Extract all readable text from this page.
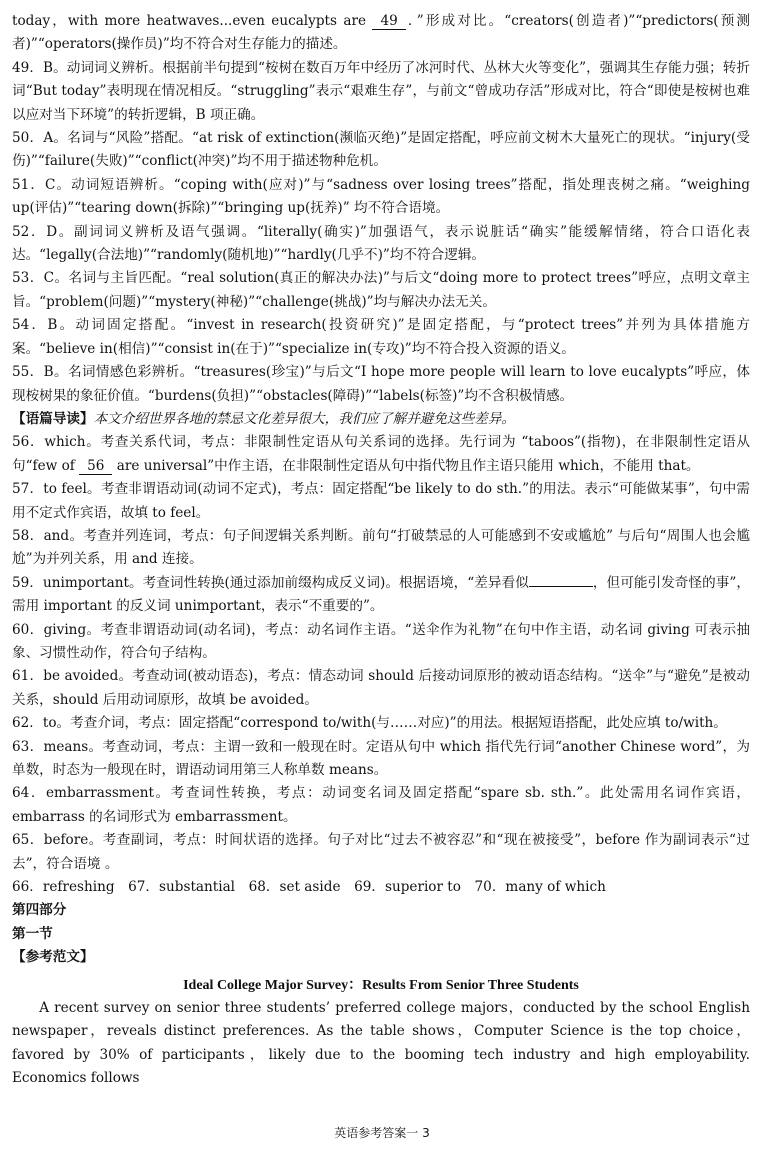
today，with more heatwaves...even eucalypts are 49 ．”形成对比。“creators(创造者)”“predictors(预测者)”“operators(操作员)”均不符合对生存能力的描述。

49．B。动词词义辨析。根据前半句提到“桉树在数百万年中经历了冰河时代、丛林大火等变化”，强调其生存能力强；转折词“But today”表明现在情况相反。“struggling”表示“艰难生存”，与前文“曾成功存活”形成对比，符合“即使是桉树也难以应对当下环境”的转折逻辑，B 项正确。

50．A。名词与“风险”搭配。“at risk of extinction(濒临灭绝)”是固定搭配，呼应前文树木大量死亡的现状。“injury(受伤)”“failure(失败)”“conflict(冲突)”均不用于描述物种危机。

51．C。动词短语辨析。“coping with(应对)”与“sadness over losing trees”搭配，指处理丧树之痛。“weighing up(评估)”“tearing down(拆除)”“bringing up(抚养)” 均不符合语境。

52．D。副词词义辨析及语气强调。“literally(确实)”加强语气，表示说脏话“确实”能缓解情绪，符合口语化表达。“legally(合法地)”“randomly(随机地)”“hardly(几乎不)”均不符合逻辑。

53．C。名词与主旨匹配。“real solution(真正的解决办法)”与后文“doing more to protect trees”呼应，点明文章主旨。“problem(问题)”“mystery(神秘)”“challenge(挑战)”均与解决办法无关。

54．B。动词固定搭配。“invest in research(投资研究)”是固定搭配，与“protect trees”并列为具体措施方案。“believe in(相信)”“consist in(在于)”“specialize in(专攻)”均不符合投入资源的语义。

55．B。名词情感色彩辨析。“treasures(珍宝)”与后文“I hope more people will learn to love eucalypts”呼应，体现桉树果的象征价值。“burdens(负担)”“obstacles(障碍)”“labels(标签)”均不含积极情感。

【语篇导读】本文介绍世界各地的禁忌文化差异很大，我们应了解并避免这些差异。

56．which。考查关系代词，考点：非限制性定语从句关系词的选择。先行词为 “taboos”(指物)，在非限制性定语从句“few of 56 are universal”中作主语，在非限制性定语从句中指代物且作主语只能用 which，不能用 that。

57．to feel。考查非谓语动词(动词不定式)，考点：固定搭配“be likely to do sth.”的用法。表示“可能做某事”，句中需用不定式作宾语，故填 to feel。

58．and。考查并列连词，考点：句子间逻辑关系判断。前句“打破禁忌的人可能感到不安或尴尬” 与后句“周围人也会尴尬”为并列关系，用 and 连接。

59．unimportant。考查词性转换(通过添加前缀构成反义词)。根据语境，“差异看似	，但可能引发奇怪的事”，需用 important 的反义词 unimportant，表示“不重要的”。

60．giving。考查非谓语动词(动名词)，考点：动名词作主语。“送伞作为礼物”在句中作主语，动名词 giving 可表示抽象、习惯性动作，符合句子结构。

61．be avoided。考查动词(被动语态)，考点：情态动词 should 后接动词原形的被动语态结构。“送伞”与“避免”是被动关系，should 后用动词原形，故填 be avoided。

62．to。考查介词，考点：固定搭配“correspond to/with(与……对应)”的用法。根据短语搭配，此处应填 to/with。

63．means。考查动词，考点：主谓一致和一般现在时。定语从句中 which 指代先行词“another Chinese word”，为单数，时态为一般现在时，谓语动词用第三人称单数 means。

64．embarrassment。考查词性转换，考点：动词变名词及固定搭配“spare sb. sth.”。此处需用名词作宾语，embarrass 的名词形式为 embarrassment。

65．before。考查副词，考点：时间状语的选择。句子对比“过去不被容忍”和“现在被接受”，before 作为副词表示“过去”，符合语境 。

66．refreshing　67．substantial　68．set aside　69．superior to　70．many of which

第四部分

第一节

【参考范文】

Ideal College Major Survey：Results From Senior Three Students

A recent survey on senior three students’ preferred college majors，conducted by the school English newspaper，reveals distinct preferences. As the table shows，Computer Science is the top choice，favored by 30% of participants，likely due to the booming tech industry and high employability. Economics follows

英语参考答案一 3
